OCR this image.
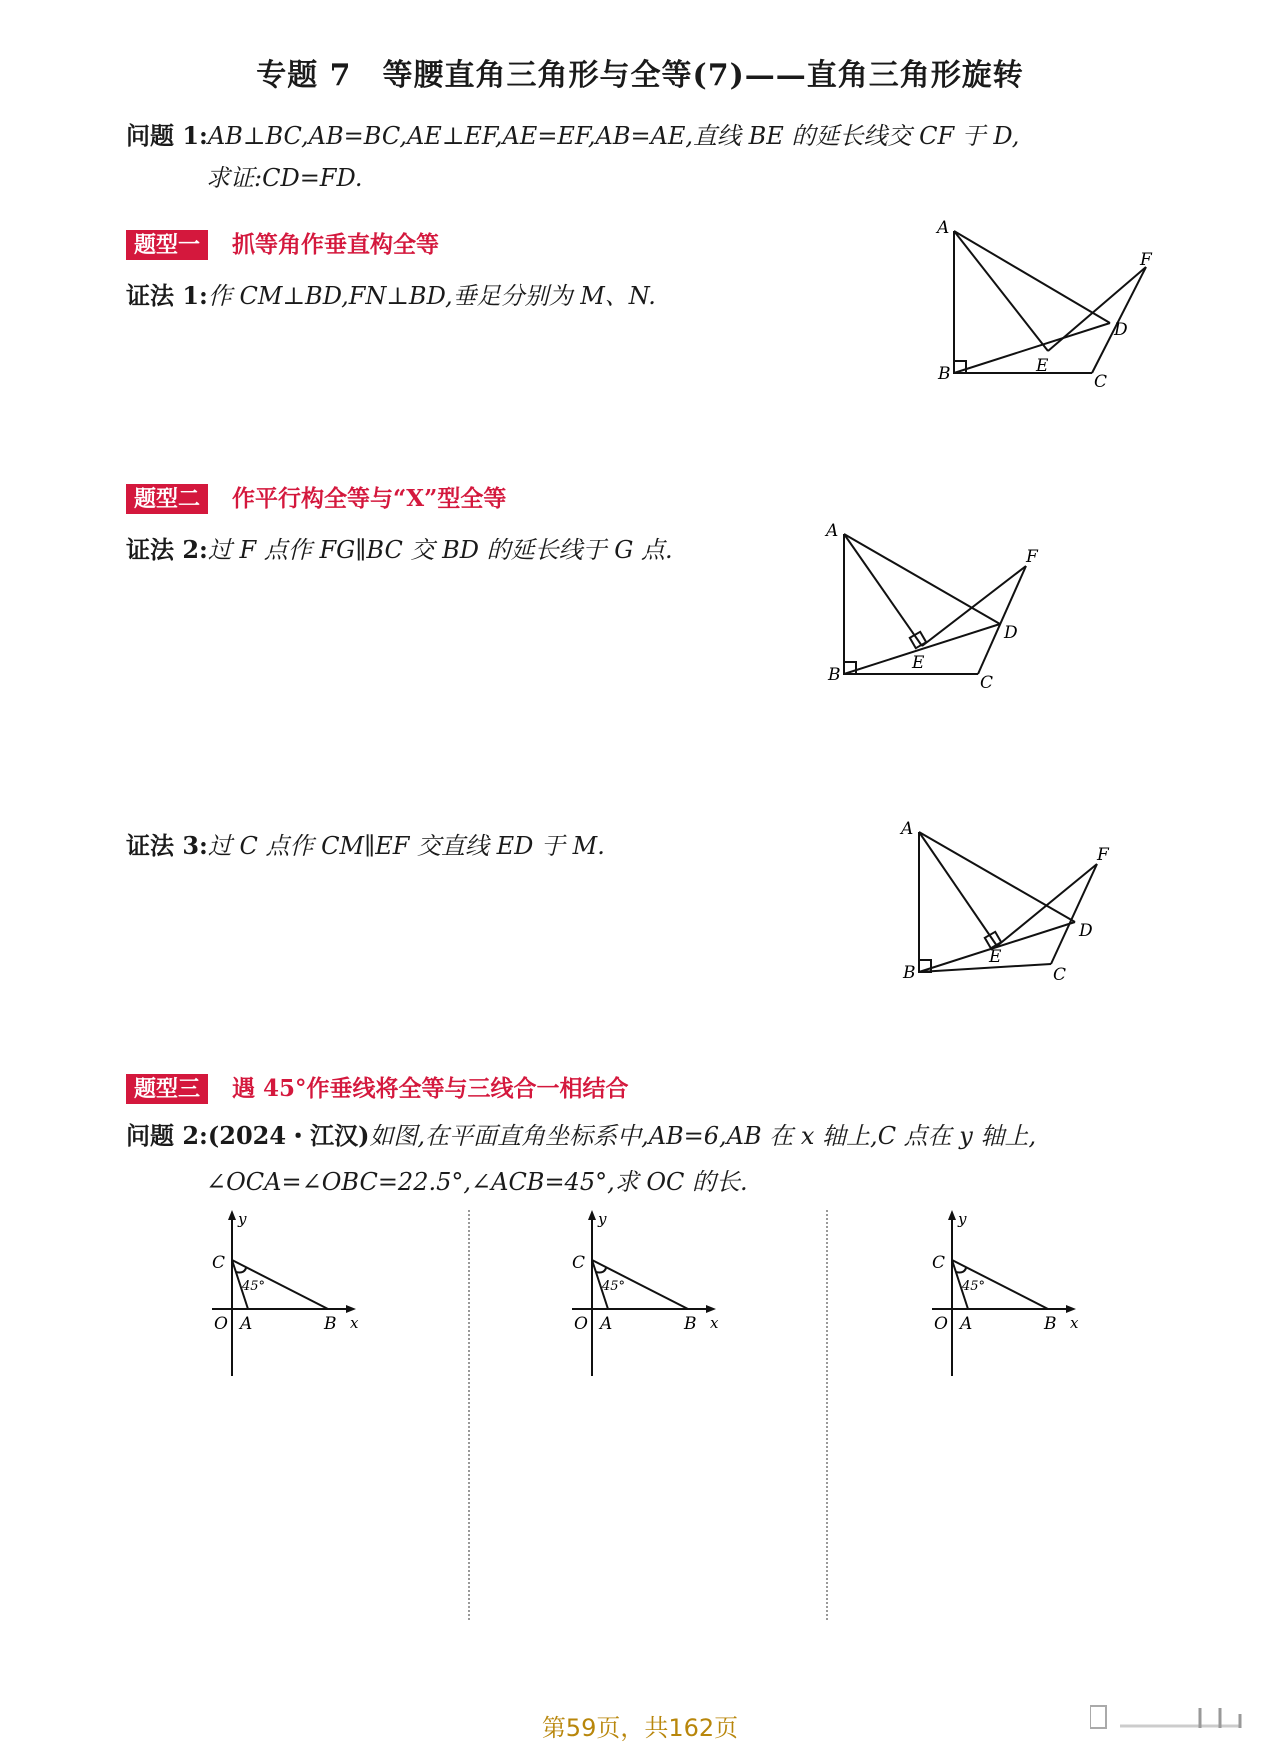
专题 7　等腰直角三角形与全等(7)——直角三角形旋转
问题 1:AB⊥BC,AB=BC,AE⊥EF,AE=EF,AB=AE,直线 BE 的延长线交 CF 于 D,
求证:CD=FD.
题型一 抓等角作垂直构全等
证法 1:作 CM⊥BD,FN⊥BD,垂足分别为 M、N.
A
B	C
D
E
F
题型二 作平行构全等与“X”型全等
证法 2:过 F 点作 FG∥BC 交 BD 的延长线于 G 点.
A
B	C
D
E
F
证法 3:过 C 点作 CM∥EF 交直线 ED 于 M.
A
B	C
D
E
F
题型三 遇 45°作垂线将全等与三线合一相结合
问题 2:(2024・江汉)如图,在平面直角坐标系中,AB=6,AB 在 x 轴上,C 点在 y 轴上,
∠OCA=∠OBC=22.5°,∠ACB=45°,求 OC 的长.
y
x
C
O A	B
45°
y
x
C
O A	B
45°
y
x
C
O A	B
45°
第59页，共162页
